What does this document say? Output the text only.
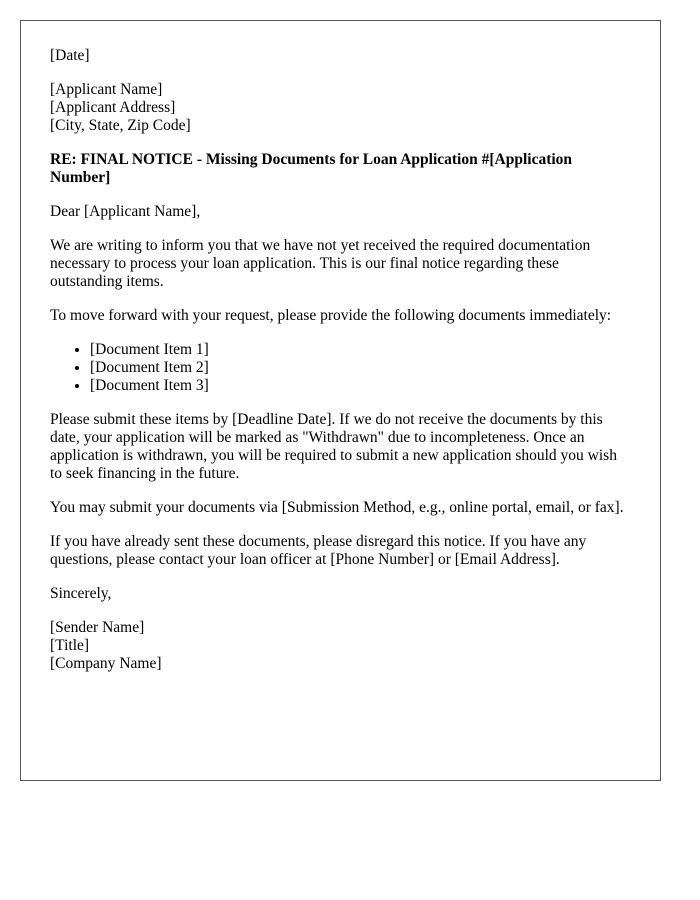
[Date]

[Applicant Name]
[Applicant Address]
[City, State, Zip Code]

RE: FINAL NOTICE - Missing Documents for Loan Application #[Application Number]

Dear [Applicant Name],

We are writing to inform you that we have not yet received the required documentation necessary to process your loan application. This is our final notice regarding these outstanding items.

To move forward with your request, please provide the following documents immediately:

• [Document Item 1]
• [Document Item 2]
• [Document Item 3]

Please submit these items by [Deadline Date]. If we do not receive the documents by this date, your application will be marked as "Withdrawn" due to incompleteness. Once an application is withdrawn, you will be required to submit a new application should you wish to seek financing in the future.

You may submit your documents via [Submission Method, e.g., online portal, email, or fax].

If you have already sent these documents, please disregard this notice. If you have any questions, please contact your loan officer at [Phone Number] or [Email Address].

Sincerely,

[Sender Name]
[Title]
[Company Name]
